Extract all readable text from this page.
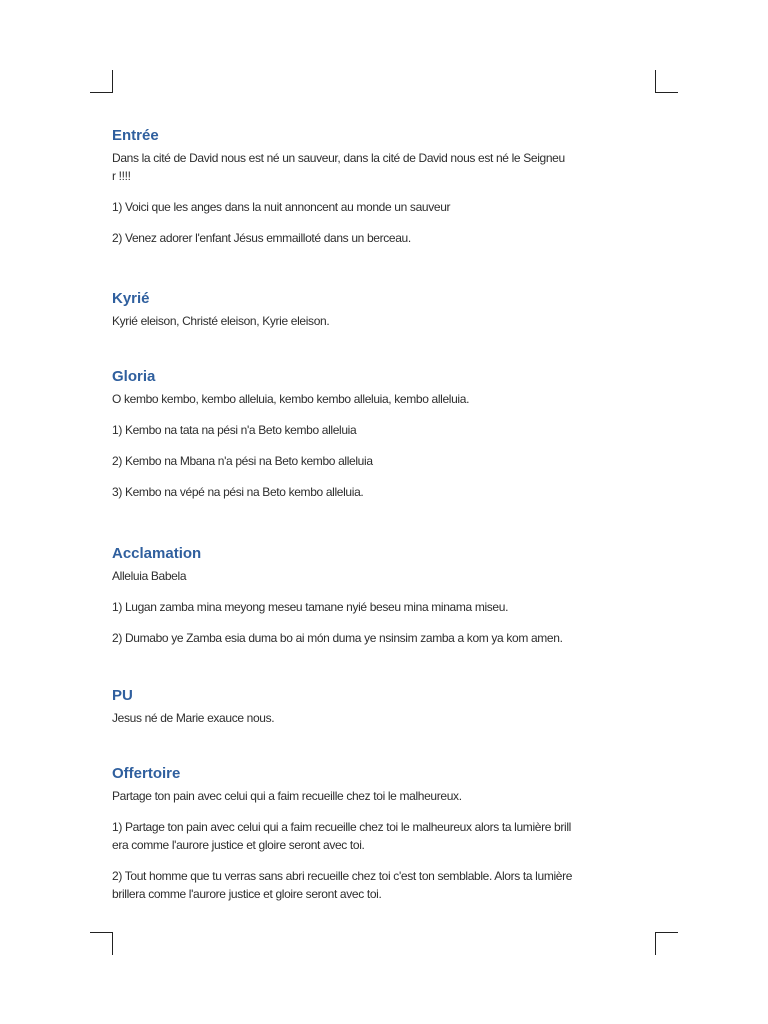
Entrée

Dans la cité de David nous est né un sauveur, dans la cité de David nous est né le Seigneu

r !!!!

1) Voici que les anges dans la nuit annoncent au monde un sauveur

2) Venez adorer l'enfant Jésus emmailloté dans un berceau.

Kyrié

Kyrié eleison, Christé eleison, Kyrie eleison.

Gloria

O kembo kembo, kembo alleluia, kembo kembo alleluia, kembo alleluia.

1) Kembo na tata na pési n'a Beto kembo alleluia

2) Kembo na Mbana n'a pési na Beto kembo alleluia

3) Kembo na vépé na pési na Beto kembo alleluia.

Acclamation

Alleluia Babela

1) Lugan zamba mina meyong meseu tamane nyié beseu mina minama miseu.

2) Dumabo ye Zamba esia duma bo ai món duma ye nsinsim zamba a kom ya kom amen.

PU

Jesus né de Marie exauce nous.

Offertoire

Partage ton pain avec celui qui a faim recueille chez toi le malheureux.

1) Partage ton pain avec celui qui a faim recueille chez toi le malheureux alors ta lumière brill

era comme l'aurore justice et gloire seront avec toi.

2) Tout homme que tu verras sans abri recueille chez toi c'est ton semblable. Alors ta lumière

brillera comme l'aurore justice et gloire seront avec toi.
